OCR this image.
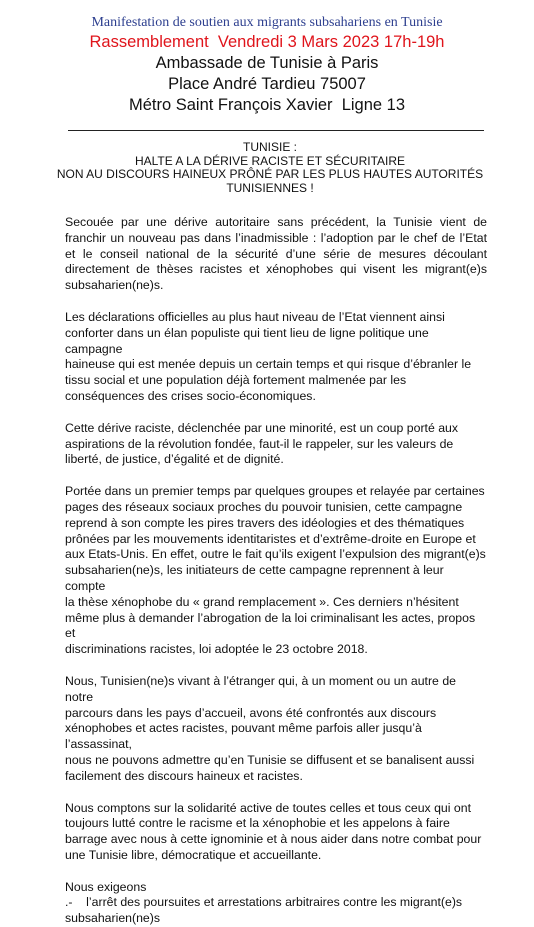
Manifestation de soutien aux migrants subsahariens en Tunisie
Rassemblement  Vendredi 3 Mars 2023 17h-19h
Ambassade de Tunisie à Paris
Place André Tardieu 75007
Métro Saint François Xavier  Ligne 13
TUNISIE :
HALTE A LA DÉRIVE RACISTE ET SÉCURITAIRE
NON AU DISCOURS HAINEUX PRÔNÉ PAR LES PLUS HAUTES AUTORITÉS
TUNISIENNES !

Secouée par une dérive autoritaire sans précédent, la Tunisie vient de franchir un nouveau pas dans l’inadmissible : l’adoption par le chef de l’Etat et le conseil national de la sécurité d’une série de mesures découlant directement de thèses racistes et xénophobes qui visent les migrant(e)s subsaharien(ne)s.

Les déclarations officielles au plus haut niveau de l’Etat viennent ainsi
conforter dans un élan populiste qui tient lieu de ligne politique une campagne
haineuse qui est menée depuis un certain temps et qui risque d’ébranler le
tissu social et une population déjà fortement malmenée par les
conséquences des crises socio-économiques.

Cette dérive raciste, déclenchée par une minorité, est un coup porté aux
aspirations de la révolution fondée, faut-il le rappeler, sur les valeurs de
liberté, de justice, d’égalité et de dignité.

Portée dans un premier temps par quelques groupes et relayée par certaines
pages des réseaux sociaux proches du pouvoir tunisien, cette campagne
reprend à son compte les pires travers des idéologies et des thématiques
prônées par les mouvements identitaristes et d’extrême-droite en Europe et
aux Etats-Unis. En effet, outre le fait qu’ils exigent l’expulsion des migrant(e)s
subsaharien(ne)s, les initiateurs de cette campagne reprennent à leur compte
la thèse xénophobe du « grand remplacement ». Ces derniers n’hésitent
même plus à demander l’abrogation de la loi criminalisant les actes, propos et
discriminations racistes, loi adoptée le 23 octobre 2018.

Nous, Tunisien(ne)s vivant à l’étranger qui, à un moment ou un autre de notre
parcours dans les pays d’accueil, avons été confrontés aux discours
xénophobes et actes racistes, pouvant même parfois aller jusqu’à l’assassinat,
nous ne pouvons admettre qu’en Tunisie se diffusent et se banalisent aussi
facilement des discours haineux et racistes.

Nous comptons sur la solidarité active de toutes celles et tous ceux qui ont
toujours lutté contre le racisme et la xénophobie et les appelons à faire
barrage avec nous à cette ignominie et à nous aider dans notre combat pour
une Tunisie libre, démocratique et accueillante.

Nous exigeons
.-    l’arrêt des poursuites et arrestations arbitraires contre les migrant(e)s
subsaharien(ne)s
